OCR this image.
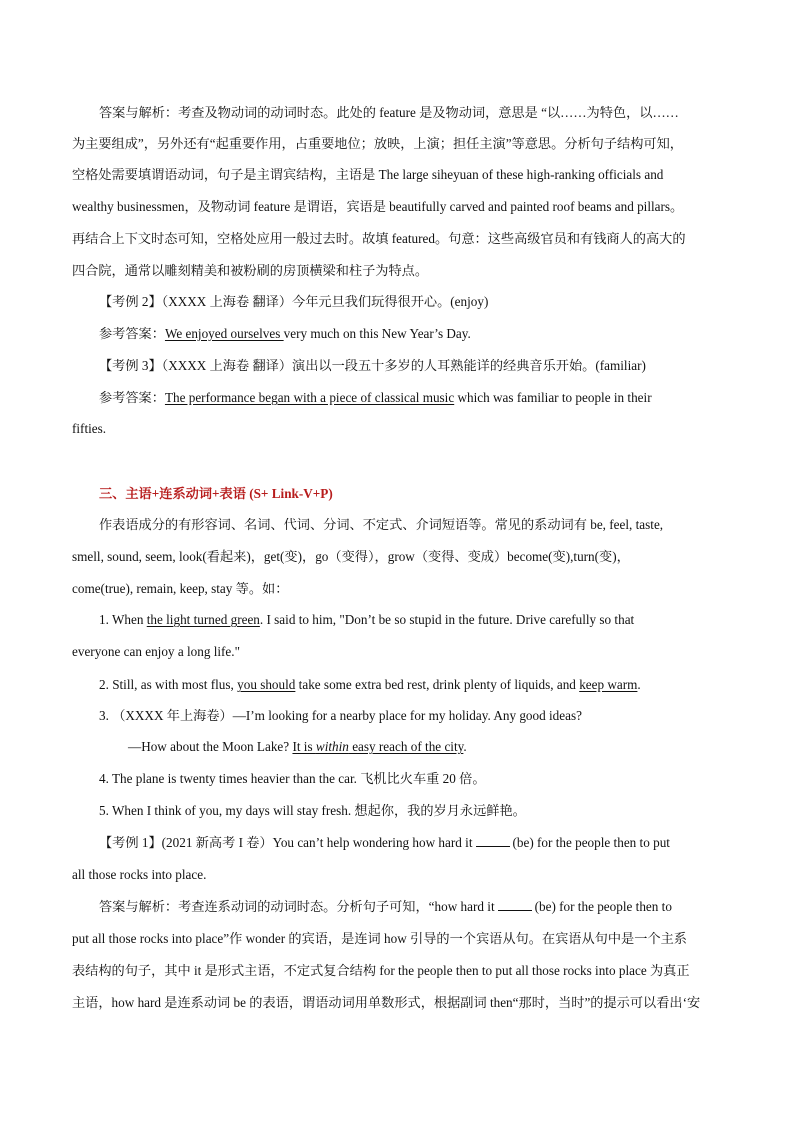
答案与解析：考查及物动词的动词时态。此处的 feature 是及物动词，意思是 “以……为特色，以……
为主要组成”，另外还有“起重要作用，占重要地位；放映，上演；担任主演”等意思。分析句子结构可知，
空格处需要填谓语动词，句子是主谓宾结构，主语是 The large siheyuan of these high-ranking officials and
wealthy businessmen，及物动词 feature 是谓语，宾语是 beautifully carved and painted roof beams and pillars。
再结合上下文时态可知，空格处应用一般过去时。故填 featured。句意：这些高级官员和有钱商人的高大的
四合院，通常以雕刻精美和被粉刷的房顶横梁和柱子为特点。
【考例 2】（XXXX 上海卷 翻译）今年元旦我们玩得很开心。(enjoy)
参考答案：We enjoyed ourselves very much on this New Year’s Day.
【考例 3】（XXXX 上海卷 翻译）演出以一段五十多岁的人耳熟能详的经典音乐开始。(familiar)
参考答案：The performance began with a piece of classical music which was familiar to people in their
fifties.
三、主语+连系动词+表语 (S+ Link-V+P)
作表语成分的有形容词、名词、代词、分词、不定式、介词短语等。常见的系动词有 be, feel, taste,
smell, sound, seem, look(看起来)，get(变)，go（变得），grow（变得、变成）become(变),turn(变)，
come(true), remain, keep, stay 等。如：
1. When the light turned green. I said to him, "Don’t be so stupid in the future. Drive carefully so that
everyone can enjoy a long life."
2. Still, as with most flus, you should take some extra bed rest, drink plenty of liquids, and keep warm.
3. （XXXX 年上海卷）—I’m looking for a nearby place for my holiday. Any good ideas?
—How about the Moon Lake? It is within easy reach of the city.
4. The plane is twenty times heavier than the car. 飞机比火车重 20 倍。
5. When I think of you, my days will stay fresh. 想起你，我的岁月永远鲜艳。
【考例 1】(2021 新高考 I 卷）You can’t help wondering how hard it	(be) for the people then to put
all those rocks into place.
答案与解析：考查连系动词的动词时态。分析句子可知，“how hard it	(be) for the people then to
put all those rocks into place”作 wonder 的宾语，是连词 how 引导的一个宾语从句。在宾语从句中是一个主系
表结构的句子，其中 it 是形式主语，不定式复合结构 for the people then to put all those rocks into place 为真正
主语，how hard 是连系动词 be 的表语，谓语动词用单数形式，根据副词 then“那时，当时”的提示可以看出‘安
